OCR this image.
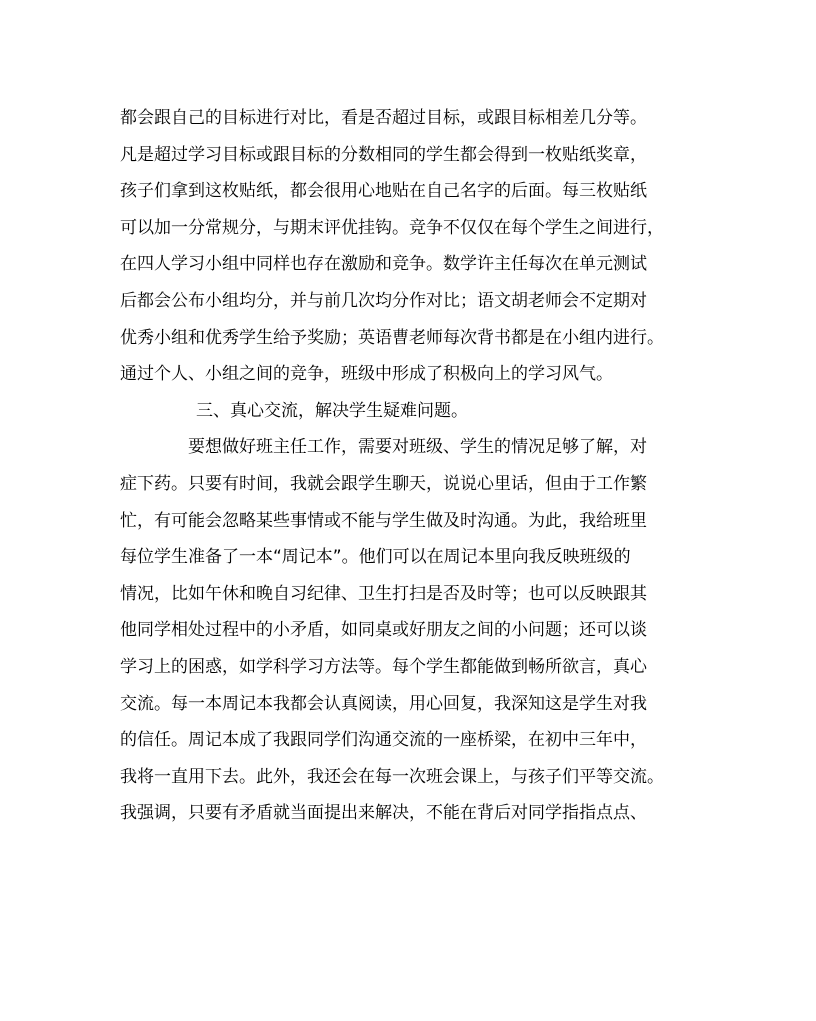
都会跟自己的目标进行对比，看是否超过目标，或跟目标相差几分等。
凡是超过学习目标或跟目标的分数相同的学生都会得到一枚贴纸奖章，
孩子们拿到这枚贴纸，都会很用心地贴在自己名字的后面。每三枚贴纸
可以加一分常规分，与期末评优挂钩。竞争不仅仅在每个学生之间进行，
在四人学习小组中同样也存在激励和竞争。数学许主任每次在单元测试
后都会公布小组均分，并与前几次均分作对比；语文胡老师会不定期对
优秀小组和优秀学生给予奖励；英语曹老师每次背书都是在小组内进行。
通过个人、小组之间的竞争，班级中形成了积极向上的学习风气。
三、真心交流，解决学生疑难问题。
要想做好班主任工作，需要对班级、学生的情况足够了解，对
症下药。只要有时间，我就会跟学生聊天，说说心里话，但由于工作繁
忙，有可能会忽略某些事情或不能与学生做及时沟通。为此，我给班里
每位学生准备了一本“周记本”。他们可以在周记本里向我反映班级的
情况，比如午休和晚自习纪律、卫生打扫是否及时等；也可以反映跟其
他同学相处过程中的小矛盾，如同桌或好朋友之间的小问题；还可以谈
学习上的困惑，如学科学习方法等。每个学生都能做到畅所欲言，真心
交流。每一本周记本我都会认真阅读，用心回复，我深知这是学生对我
的信任。周记本成了我跟同学们沟通交流的一座桥梁，在初中三年中，
我将一直用下去。此外，我还会在每一次班会课上，与孩子们平等交流。
我强调，只要有矛盾就当面提出来解决，不能在背后对同学指指点点、
